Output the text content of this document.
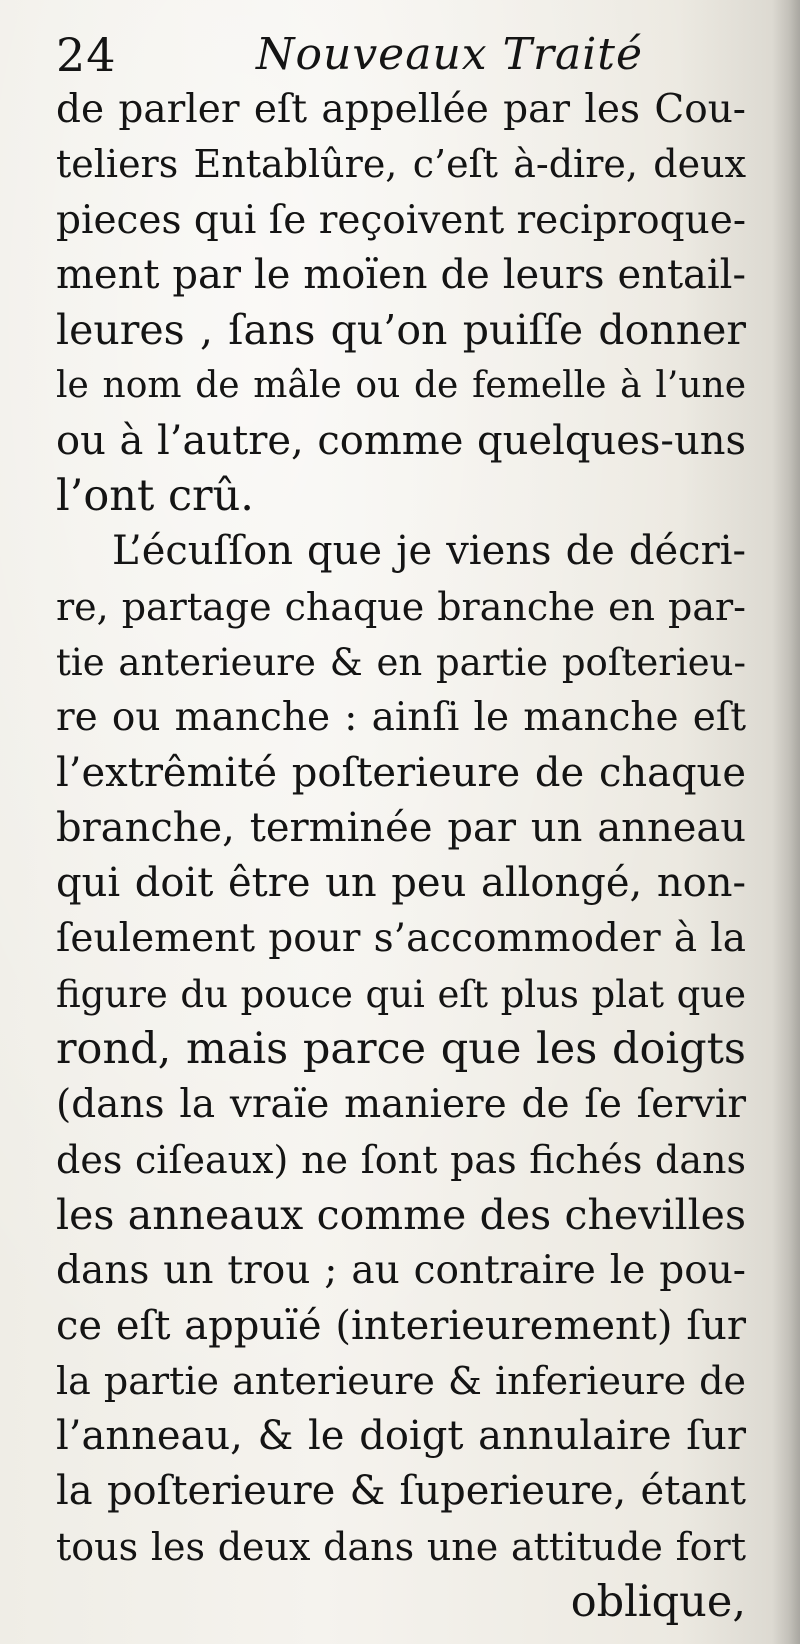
24	Nouveaux Traité
de parler eſt appellée par les Cou-
teliers Entablûre, c’eſt à-dire, deux
pieces qui ſe reçoivent reciproque-
ment par le moïen de leurs entail-
leures , ſans qu’on puiſſe donner
le nom de mâle ou de femelle à l’une
ou à l’autre, comme quelques-uns
l’ont crû.
L’écuſſon que je viens de décri-
re, partage chaque branche en par-
tie anterieure & en partie poſterieu-
re ou manche : ainſi le manche eſt
l’extrêmité poſterieure de chaque
branche, terminée par un anneau
qui doit être un peu allongé, non-
ſeulement pour s’accommoder à la
figure du pouce qui eſt plus plat que
rond, mais parce que les doigts
(dans la vraïe maniere de ſe ſervir
des ciſeaux) ne ſont pas fichés dans
les anneaux comme des chevilles
dans un trou ; au contraire le pou-
ce eſt appuïé (interieurement) ſur
la partie anterieure & inferieure de
l’anneau, & le doigt annulaire ſur
la poſterieure & ſuperieure, étant
tous les deux dans une attitude fort
oblique,
